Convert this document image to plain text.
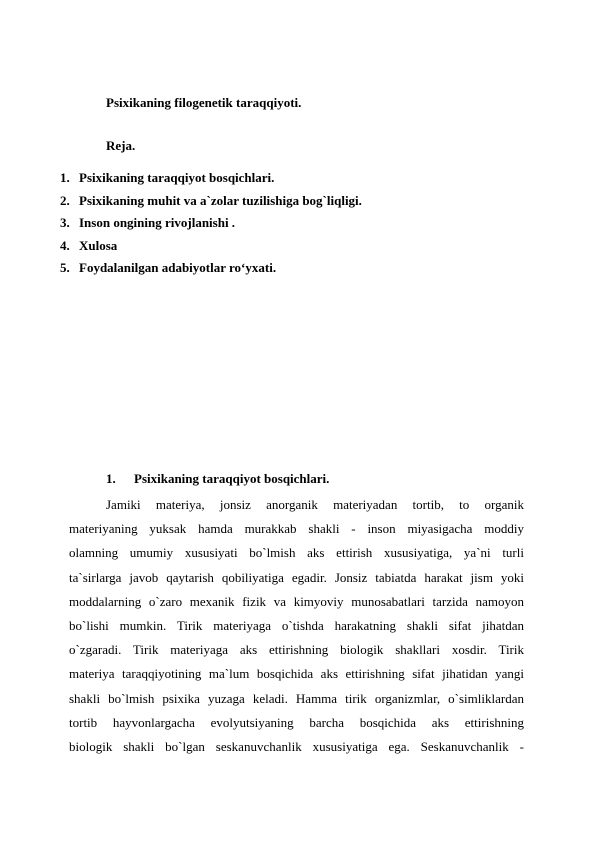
Psixikaning filogenetik taraqqiyoti.
Reja.
1. Psixikaning taraqqiyot bosqichlari.
2. Psixikaning muhit va a`zolar tuzilishiga bog`liqligi.
3. Inson ongining rivojlanishi .
4. Xulosa
5. Foydalanilgan adabiyotlar ro‘yxati.
1. Psixikaning taraqqiyot bosqichlari.

Jamiki materiya, jonsiz anorganik materiyadan tortib, to organik
materiyaning yuksak hamda murakkab shakli - inson miyasigacha moddiy
olamning umumiy xususiyati bo`lmish aks ettirish xususiyatiga, ya`ni turli
ta`sirlarga javob qaytarish qobiliyatiga egadir. Jonsiz tabiatda harakat jism yoki
moddalarning o`zaro mexanik fizik va kimyoviy munosabatlari tarzida namoyon
bo`lishi mumkin. Tirik materiyaga o`tishda harakatning shakli sifat jihatdan
o`zgaradi. Tirik materiyaga aks ettirishning biologik shakllari xosdir. Tirik
materiya taraqqiyotining ma`lum bosqichida aks ettirishning sifat jihatidan yangi
shakli bo`lmish psixika yuzaga keladi. Hamma tirik organizmlar, o`simliklardan
tortib hayvonlargacha evolyutsiyaning barcha bosqichida aks ettirishning
biologik shakli bo`lgan seskanuvchanlik xususiyatiga ega. Seskanuvchanlik -
